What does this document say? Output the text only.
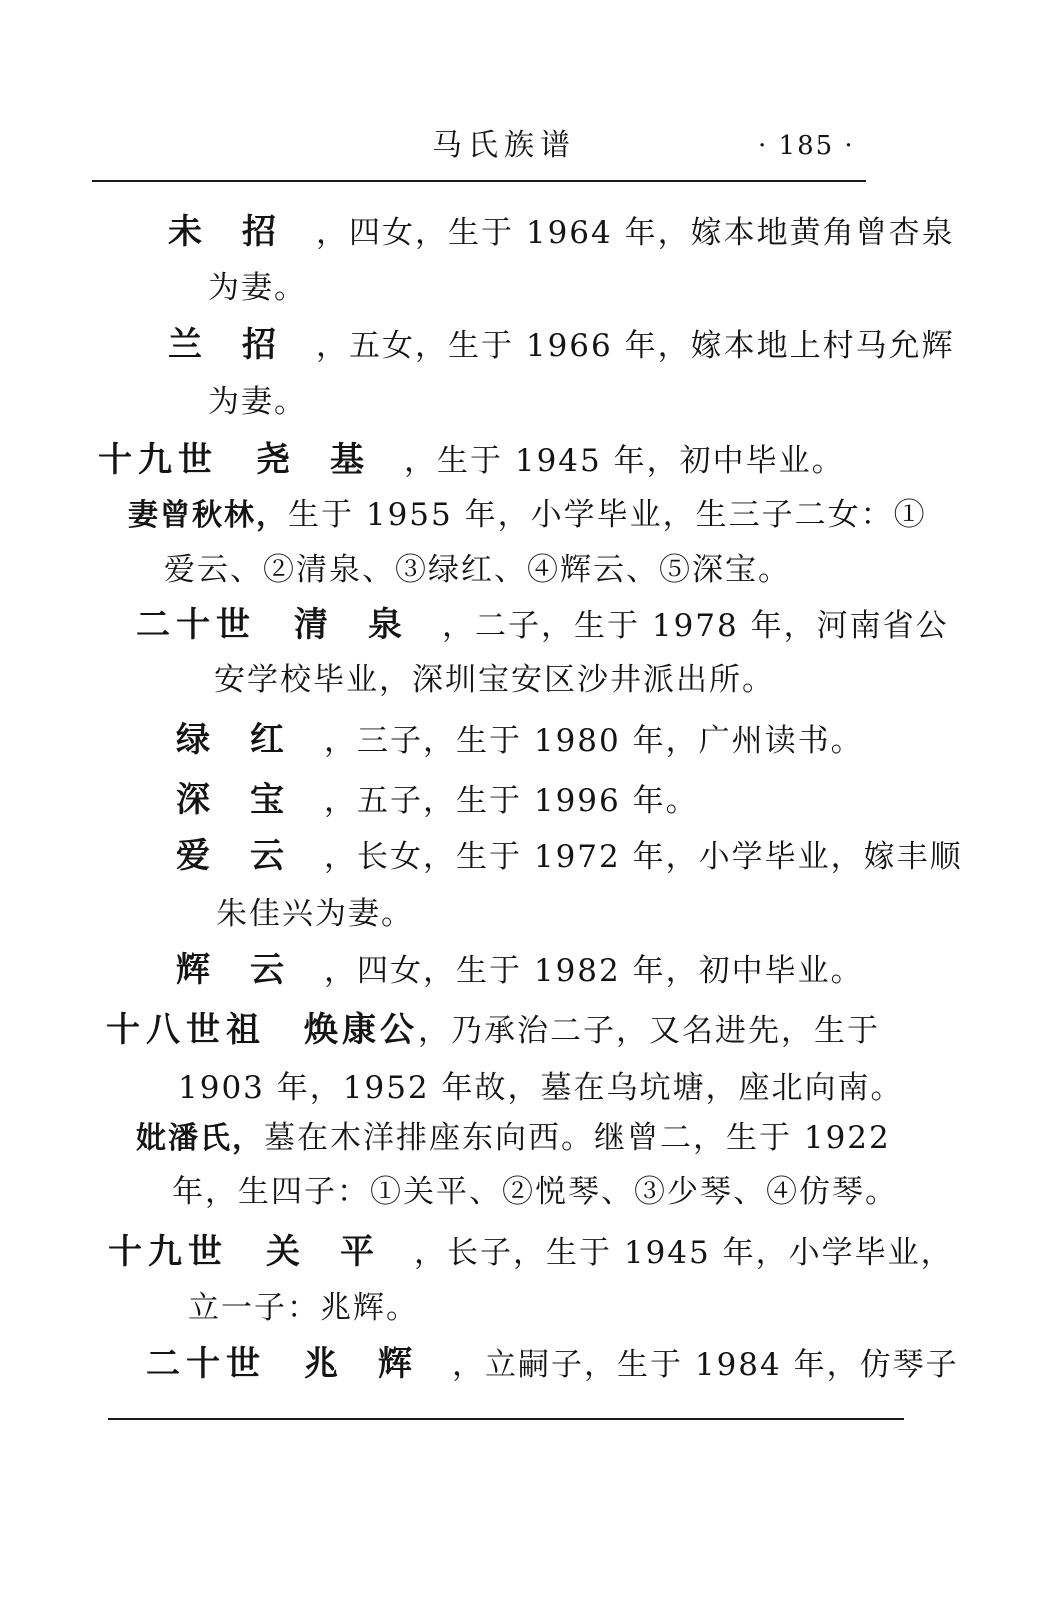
马氏族谱	· 185 ·
未招，四女，生于 1964 年，嫁本地黄角曾杏泉
为妻。
兰招，五女，生于 1966 年，嫁本地上村马允辉
为妻。
十九世 尧基，生于 1945 年，初中毕业。
妻曾秋林，生于 1955 年，小学毕业，生三子二女：①
爱云、②清泉、③绿红、④辉云、⑤深宝。
二十世 清泉，二子，生于 1978 年，河南省公
安学校毕业，深圳宝安区沙井派出所。
绿红，三子，生于 1980 年，广州读书。
深宝，五子，生于 1996 年。
爱云，长女，生于 1972 年，小学毕业，嫁丰顺
朱佳兴为妻。
辉云，四女，生于 1982 年，初中毕业。
十八世祖 焕康公，乃承治二子，又名进先，生于
1903 年，1952 年故，墓在乌坑塘，座北向南。
妣潘氏，墓在木洋排座东向西。继曾二，生于 1922
年，生四子：①关平、②悦琴、③少琴、④仿琴。
十九世 关平，长子，生于 1945 年，小学毕业，
立一子：兆辉。
二十世 兆辉，立嗣子，生于 1984 年，仿琴子
